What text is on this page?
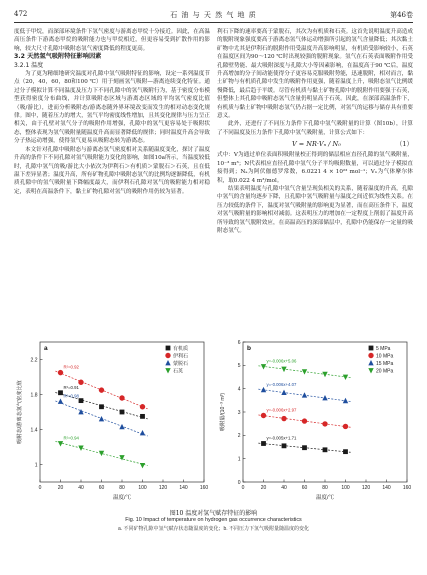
472	石 油 与 天 然 气 地 质	第46卷

度低于甲烷，而深部环境条件下氢气密度与游离态甲烷十分接近。因此，在高温高压条件下游离态甲烷的吸附能力也与甲烷相近，但更容易受到扩散作用的影响，较大尺寸孔隙中吸附态氢气密度降低的程度更高。

3.2 天然氢气吸附特征影响因素

3.2.1 温度

为了更为精细地研究温度对孔隙中氢气吸附特征的影响，设定一系列温度节点（20，40，60，80和100 ℃）用于刻画氢气吸附—游离连续变化特征。通过分子模拟计算不同温度及压力下不同孔隙中的氢气吸附行为，基于密度分布模型获得密度分布曲线，并计算吸附态区域与游离态区域的平均氢气密度比值（吸/游比），进而分析吸附态/游离态随外界环境改变而发生的相对动态变化规律。图中，随着压力的增大，氢气平均密度线性增加，且其变化规律与压力呈正相关，由于孔壁对氢气分子的吸附作用增强，孔隙中的氢气更容易处于吸附状态，整体表现为氢气吸附量随温度升高而显著降低的规律；同时温度升高会导致分子热运动增强，使得氢气更易从吸附态转为游离态。

本文针对孔隙中吸附态与游离态氢气密度相对关系随温度变化，探讨了温度升高的条件下不同孔隙对氢气吸附能力变化的影响，如图10a所示，当温度较低时，孔隙中氢气的吸/游比大小依次为伊利石＞有机质＞蒙脱石＞石英，且在低温下差异显著；温度升高，所有矿物孔隙中吸附态氢气的比例均逐渐降低，有机质孔隙中的氢气吸附量下降幅度最大，而伊利石孔隙对氢气的吸附能力相对稳定，表明在高温条件下，黏土矿物孔隙对氢气的吸附作用仍较为显著。

利石下降的速率要高于蒙脱石，其次为有机质和石英。这首先说明温度升高造成的脱附现象强度要高于游离态氢气体运动增强所引起的氢气含量降低；其次黏土矿物中尤其是伊利石的脱附作用受温度升高影响明显，有机质受影响较小，石英在温度区间为90～120 ℃时出现较强的脱附现象。氢气在石英表面吸附作用受孔隙壁势能、最大吸附深度与孔隙大小等因素影响，在温度高于90 ℃后，温度升高增加的分子间动能使得分子更容易克服吸附势能，迅速脱附，相对而言，黏土矿物与有机质孔隙中发生的吸附作用更强，随着温度上升，吸附态氢气比例缓慢降低，最后趋于平缓。尽管有机质与黏土矿物孔隙中的脱附作用要强于石英，但整体上其孔隙中吸附态氢气含量仍明显高于石英。因此，在深部高温条件下，有机质与黏土矿物中吸附态氢气仍占据一定比例，对氢气的运移与储存具有重要意义。

此外，还进行了不同压力条件下孔隙中氢气吸附量的计算（图10b），计算了不同温度及压力条件下孔隙中氢气吸附量，计算公式如下：

V = NR·Vₙ / N₀	（1）

式中：V为通过单位表面积吸附量校正得到的储层相应直径孔隙的氢气吸附量，10⁻³ m³；N代表相应直径孔隙中氢气分子平均吸附数量，可以通过分子模拟直接得到；Nₐ为阿伏伽德罗常数，6.0221 4 × 10²³ mol⁻¹；Vₙ为气体摩尔体积，取0.022 4 m³/mol。

结果表明温度与孔隙中氢气含量呈现负相关的关系，随着温度的升高，孔隙中氢气的含量均逐步下降，且孔隙中氢气吸附量与温度之间近似为线性关系。在压力较低的条件下，温度对氢气吸附量的影响更为显著，而在高压条件下，温度对氢气吸附量的影响相对减弱。这表明压力的增加在一定程度上削弱了温度升高所导致的氢气脱附效应，在高温高压的深部储层中，孔隙中仍能保存一定量的吸附态氢气。

0	20	40	60	80	100 120 140 160
1
1.4
1.8
2.2
温度/℃
吸附态/游离态氢气密度比值
a
R²=0.91
R²=0.92
R²=0.98
R²=0.94
有机质
伊利石
蒙脱石
石英
0	20	40	60	80	100 120 140 160
0
1
2
3
4
5
6
温度/℃
吸附量/(10⁻³ m³)
b
y=-0.005x+1.71
y=-0.006x+2.97
y=-0.006x+4.07
y=-0.006x+5.06
5 MPa
10 MPa
15 MPa
20 MPa
图10 温度对氢气赋存特征的影响
Fig. 10 Impact of temperature on hydrogen gas occurrence characteristics
a. 不同矿物孔隙中氢气赋存状态随温度的变化；b. 不同压力下氢气吸附量随温度的变化
